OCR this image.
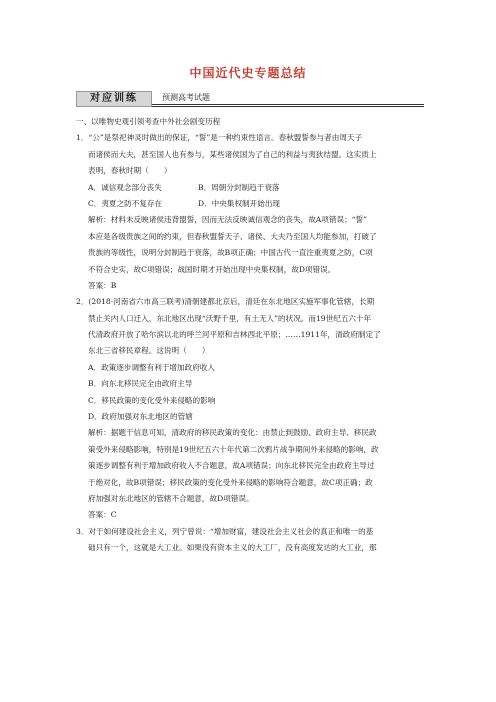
中国近代史专题总结
对应训练	预测高考试题
一、以唯物史观引领考查中外社会剧变历程
1．“公”是祭祀神灵时做出的保证，“誓”是一种约束性语言。春秋盟誓参与者由周天子
而诸侯而大夫，甚至国人也有参与，某些诸侯国为了自己的利益与夷狄结盟。这实质上
表明，春秋时期（　　）
A．诚信观念部分丧失	B．周朝分封制趋于衰落
C．夷夏之防不复存在	D．中央集权制开始出现
解析：材料未反映诸侯违背盟誓，因而无法反映诚信观念的丧失，故A项错误；“誓”
本应是各级贵族之间的约束，但春秋盟誓天子、诸侯、大夫乃至国人均能参加，打破了
贵族的等级性，说明分封制趋于衰落，故B项正确；中国古代一直注重夷夏之防，C项
不符合史实，故C项错误；战国时期才开始出现中央集权制，故D项错误。
答案：B
2．(2018·河南省六市高三联考)清朝建都北京后，清廷在东北地区实施军事化管辖，长期
禁止关内人口迁入，东北地区出现“沃野千里，有土无人”的状况。而19世纪五六十年
代清政府开放了哈尔滨以北的呼兰河平原和吉林西北平原；……1911年，清政府制定了
东北三省移民章程。这说明（　　）
A．政策逐步调整有利于增加政府收入
B．向东北移民完全由政府主导
C．移民政策的变化受外来侵略的影响
D．政府加强对东北地区的管辖
解析：据题干信息可知，清政府的移民政策的变化：由禁止到鼓励、政府主导、移民政
策受外来侵略影响，特别是19世纪五六十年代第二次鸦片战争期间外来侵略的影响，政
策逐步调整有利于增加政府收入不合题意，故A项错误；向东北移民完全由政府主导过
于绝对化，故B项错误；移民政策的变化受外来侵略的影响符合题意，故C项正确；政
府加强对东北地区的管辖不合题意，故D项错误。
答案：C
3．对于如何建设社会主义，列宁曾说：“增加财富，建设社会主义社会的真正和唯一的基
础只有一个，这就是大工业。如果没有资本主义的大工厂，没有高度发达的大工业，那
